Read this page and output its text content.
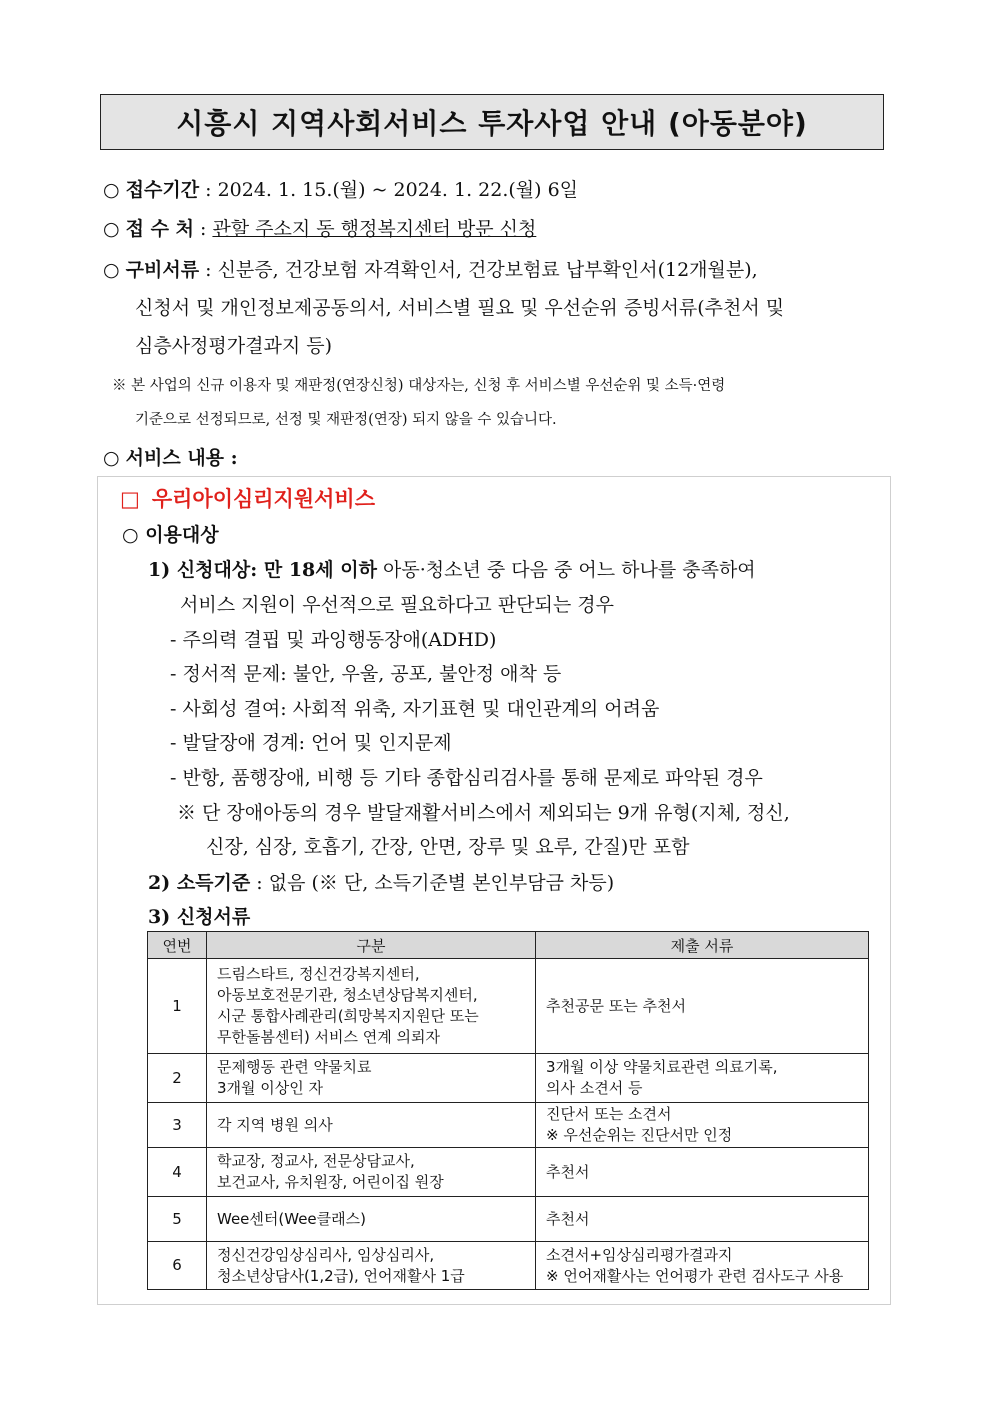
시흥시 지역사회서비스 투자사업 안내 (아동분야)
○ 접수기간 : 2024. 1. 15.(월) ~ 2024. 1. 22.(월) 6일
○ 접 수 처 : 관할 주소지 동 행정복지센터 방문 신청
○ 구비서류 : 신분증, 건강보험 자격확인서, 건강보험료 납부확인서(12개월분),
신청서 및 개인정보제공동의서, 서비스별 필요 및 우선순위 증빙서류(추천서 및
심층사정평가결과지 등)
※ 본 사업의 신규 이용자 및 재판정(연장신청) 대상자는, 신청 후 서비스별 우선순위 및 소득·연령
기준으로 선정되므로, 선정 및 재판정(연장) 되지 않을 수 있습니다.
○ 서비스 내용 :
□ 우리아이심리지원서비스
○ 이용대상
1) 신청대상: 만 18세 이하 아동·청소년 중 다음 중 어느 하나를 충족하여
서비스 지원이 우선적으로 필요하다고 판단되는 경우
- 주의력 결핍 및 과잉행동장애(ADHD)
- 정서적 문제: 불안, 우울, 공포, 불안정 애착 등
- 사회성 결여: 사회적 위축, 자기표현 및 대인관계의 어려움
- 발달장애 경계: 언어 및 인지문제
- 반항, 품행장애, 비행 등 기타 종합심리검사를 통해 문제로 파악된 경우
※ 단 장애아동의 경우 발달재활서비스에서 제외되는 9개 유형(지체, 정신,
신장, 심장, 호흡기, 간장, 안면, 장루 및 요루, 간질)만 포함
2) 소득기준 : 없음 (※ 단, 소득기준별 본인부담금 차등)
3) 신청서류
연번	구분	제출 서류
1	드림스타트, 정신건강복지센터,
아동보호전문기관, 청소년상담복지센터,
시군 통합사례관리(희망복지지원단 또는
무한돌봄센터) 서비스 연계 의뢰자	추천공문 또는 추천서

2	문제행동 관련 약물치료
3개월 이상인 자	3개월 이상 약물치료관련 의료기록,
의사 소견서 등

3	각 지역 병원 의사	진단서 또는 소견서
※ 우선순위는 진단서만 인정

4	학교장, 정교사, 전문상담교사,
보건교사, 유치원장, 어린이집 원장	추천서

5	Wee센터(Wee클래스)	추천서

6	정신건강임상심리사, 임상심리사,
청소년상담사(1,2급), 언어재활사 1급	소견서+임상심리평가결과지
※ 언어재활사는 언어평가 관련 검사도구 사용
